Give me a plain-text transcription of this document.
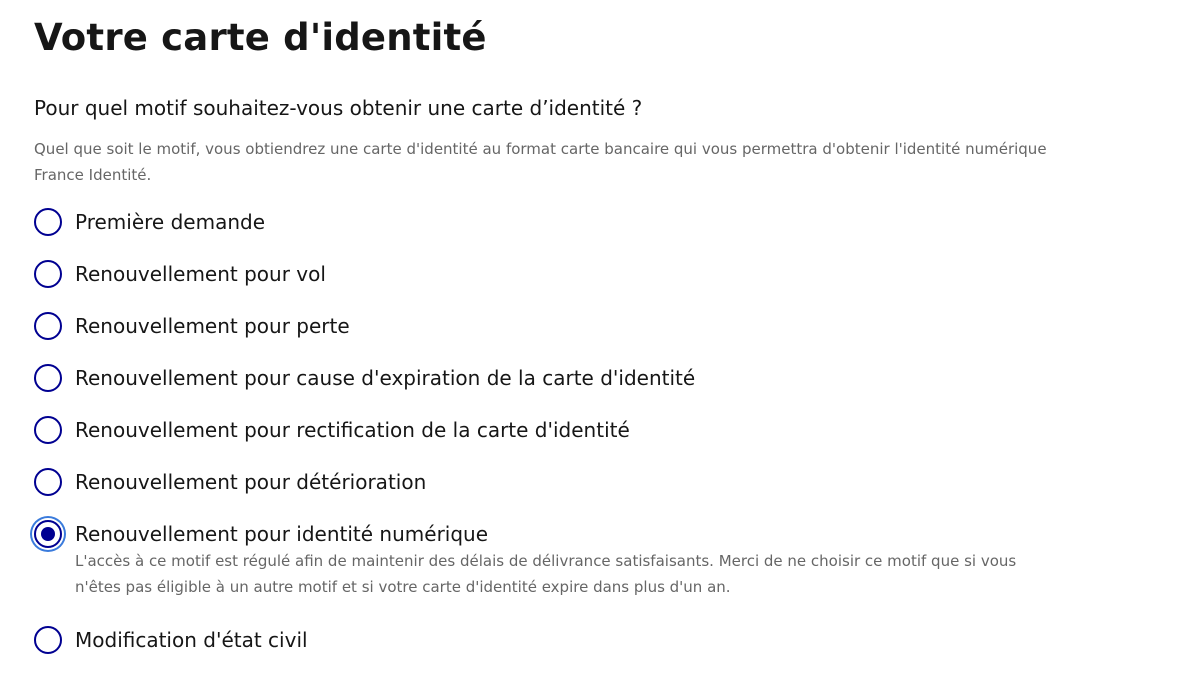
Votre carte d'identité
Pour quel motif souhaitez-vous obtenir une carte d’identité ?
Quel que soit le motif, vous obtiendrez une carte d'identité au format carte bancaire qui vous permettra d'obtenir l'identité numérique France Identité.
Première demande
Renouvellement pour vol
Renouvellement pour perte
Renouvellement pour cause d'expiration de la carte d'identité
Renouvellement pour rectification de la carte d'identité
Renouvellement pour détérioration
Renouvellement pour identité numérique
L'accès à ce motif est régulé afin de maintenir des délais de délivrance satisfaisants. Merci de ne choisir ce motif que si vous n'êtes pas éligible à un autre motif et si votre carte d'identité expire dans plus d'un an.
Modification d'état civil
